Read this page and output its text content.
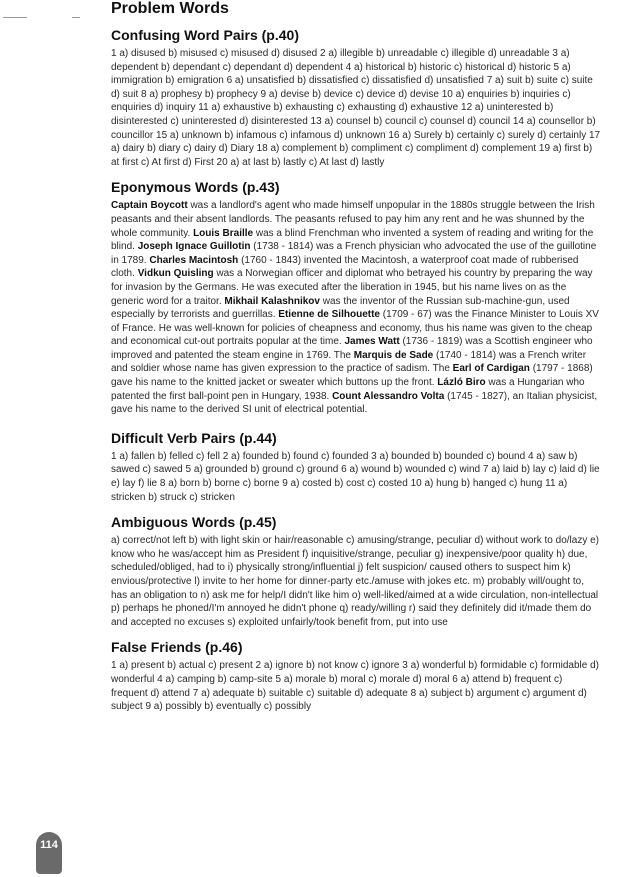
Problem Words
Confusing Word Pairs (p.40)

1 a) disused b) misused c) misused d) disused 2 a) illegible b) unreadable c) illegible d) unreadable 3 a) dependent b) dependant c) dependant d) dependent 4 a) historical b) historic c) historical d) historic 5 a) immigration b) emigration 6 a) unsatisfied b) dissatisfied c) dissatisfied d) unsatisfied 7 a) suit b) suite c) suite d) suit 8 a) prophesy b) prophecy 9 a) devise b) device c) device d) devise 10 a) enquiries b) inquiries c) enquiries d) inquiry 11 a) exhaustive b) exhausting c) exhausting d) exhaustive 12 a) uninterested b) disinterested c) uninterested d) disinterested 13 a) counsel b) council c) counsel d) council 14 a) counsellor b) councillor 15 a) unknown b) infamous c) infamous d) unknown 16 a) Surely b) certainly c) surely d) certainly 17 a) dairy b) diary c) dairy d) Diary 18 a) complement b) compliment c) compliment d) complement 19 a) first b) at first c) At first d) First 20 a) at last b) lastly c) At last d) lastly

Eponymous Words (p.43)

Captain Boycott was a landlord's agent who made himself unpopular in the 1880s struggle between the Irish peasants and their absent landlords. The peasants refused to pay him any rent and he was shunned by the whole community. Louis Braille was a blind Frenchman who invented a system of reading and writing for the blind. Joseph Ignace Guillotin (1738 - 1814) was a French physician who advocated the use of the guillotine in 1789. Charles Macintosh (1760 - 1843) invented the Macintosh, a waterproof coat made of rubberised cloth. Vidkun Quisling was a Norwegian officer and diplomat who betrayed his country by preparing the way for invasion by the Germans. He was executed after the liberation in 1945, but his name lives on as the generic word for a traitor. Mikhail Kalashnikov was the inventor of the Russian sub-machine-gun, used especially by terrorists and guerrillas. Etienne de Silhouette (1709 - 67) was the Finance Minister to Louis XV of France. He was well-known for policies of cheapness and economy, thus his name was given to the cheap and economical cut-out portraits popular at the time. James Watt (1736 - 1819) was a Scottish engineer who improved and patented the steam engine in 1769. The Marquis de Sade (1740 - 1814) was a French writer and soldier whose name has given expression to the practice of sadism. The Earl of Cardigan (1797 - 1868) gave his name to the knitted jacket or sweater which buttons up the front. Lázló Biro was a Hungarian who patented the first ball-point pen in Hungary, 1938. Count Alessandro Volta (1745 - 1827), an Italian physicist, gave his name to the derived SI unit of electrical potential.

Difficult Verb Pairs (p.44)

1 a) fallen b) felled c) fell 2 a) founded b) found c) founded 3 a) bounded b) bounded c) bound 4 a) saw b) sawed c) sawed 5 a) grounded b) ground c) ground 6 a) wound b) wounded c) wind 7 a) laid b) lay c) laid d) lie e) lay f) lie 8 a) born b) borne c) borne 9 a) costed b) cost c) costed 10 a) hung b) hanged c) hung 11 a) stricken b) struck c) stricken

Ambiguous Words (p.45)

a) correct/not left b) with light skin or hair/reasonable c) amusing/strange, peculiar d) without work to do/lazy e) know who he was/accept him as President f) inquisitive/strange, peculiar g) inexpensive/poor quality h) due, scheduled/obliged, had to i) physically strong/influential j) felt suspicion/ caused others to suspect him k) envious/protective l) invite to her home for dinner-party etc./amuse with jokes etc. m) probably will/ought to, has an obligation to n) ask me for help/I didn't like him o) well-liked/aimed at a wide circulation, non-intellectual p) perhaps he phoned/I'm annoyed he didn't phone q) ready/willing r) said they definitely did it/made them do and accepted no excuses s) exploited unfairly/took benefit from, put into use

False Friends (p.46)

1 a) present b) actual c) present 2 a) ignore b) not know c) ignore 3 a) wonderful b) formidable c) formidable d) wonderful 4 a) camping b) camp-site 5 a) morale b) moral c) morale d) moral 6 a) attend b) frequent c) frequent d) attend 7 a) adequate b) suitable c) suitable d) adequate 8 a) subject b) argument c) argument d) subject 9 a) possibly b) eventually c) possibly

114
